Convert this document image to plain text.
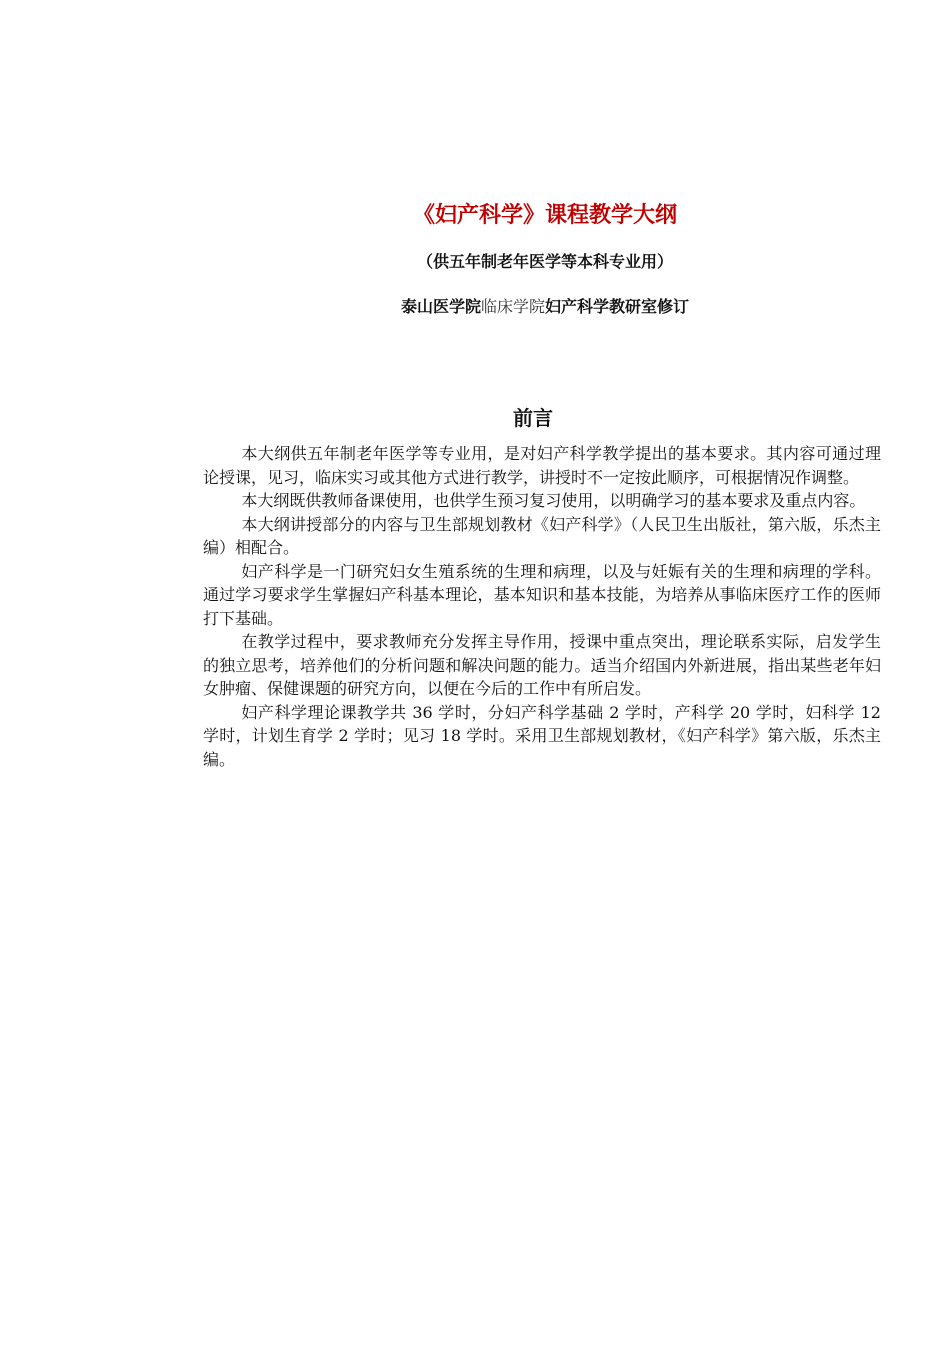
《妇产科学》课程教学大纲
（供五年制老年医学等本科专业用）
泰山医学院临床学院妇产科学教研室修订
前言

本大纲供五年制老年医学等专业用，是对妇产科学教学提出的基本要求。其内容可通过理论授课，见习，临床实习或其他方式进行教学，讲授时不一定按此顺序，可根据情况作调整。

本大纲既供教师备课使用，也供学生预习复习使用，以明确学习的基本要求及重点内容。

本大纲讲授部分的内容与卫生部规划教材《妇产科学》（人民卫生出版社，第六版，乐杰主编）相配合。

妇产科学是一门研究妇女生殖系统的生理和病理，以及与妊娠有关的生理和病理的学科。通过学习要求学生掌握妇产科基本理论，基本知识和基本技能，为培养从事临床医疗工作的医师打下基础。

在教学过程中，要求教师充分发挥主导作用，授课中重点突出，理论联系实际，启发学生的独立思考，培养他们的分析问题和解决问题的能力。适当介绍国内外新进展，指出某些老年妇女肿瘤、保健课题的研究方向，以便在今后的工作中有所启发。

妇产科学理论课教学共 36 学时，分妇产科学基础 2 学时，产科学 20 学时，妇科学 12 学时，计划生育学 2 学时；见习 18 学时。采用卫生部规划教材，《妇产科学》第六版，乐杰主编。
